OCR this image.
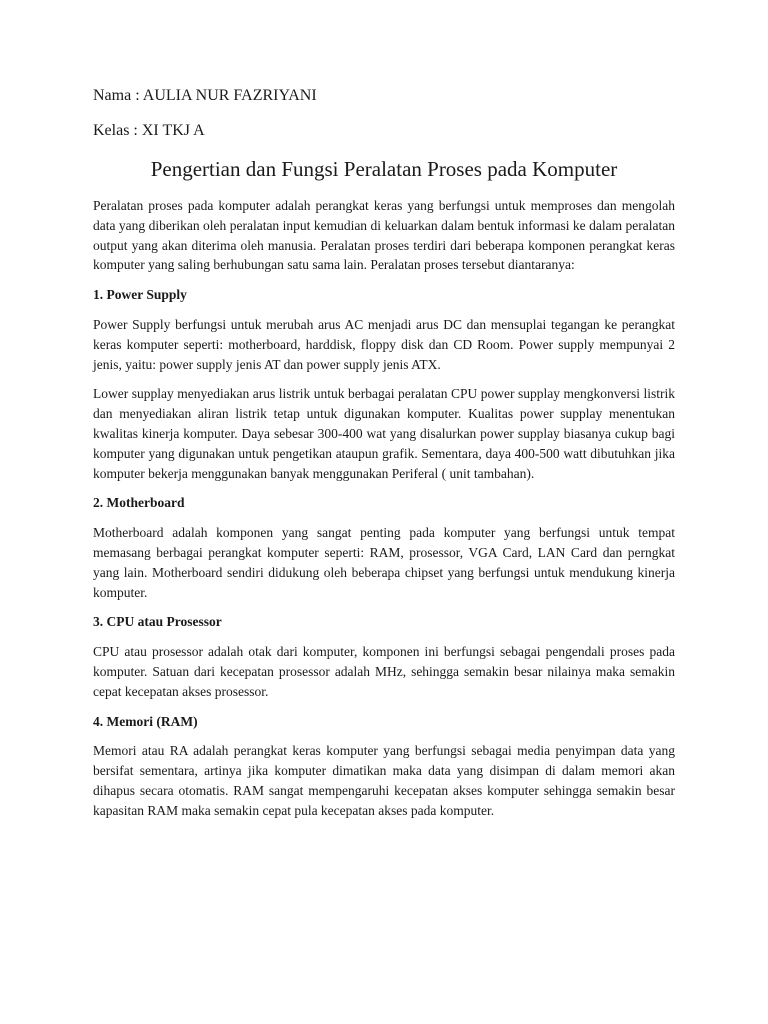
Nama : AULIA NUR FAZRIYANI

Kelas : XI TKJ A

Pengertian dan Fungsi Peralatan Proses pada Komputer

Peralatan proses pada komputer adalah perangkat keras yang berfungsi untuk memproses dan mengolah data yang diberikan oleh peralatan input kemudian di keluarkan dalam bentuk informasi ke dalam peralatan output yang akan diterima oleh manusia. Peralatan proses terdiri dari beberapa komponen perangkat keras komputer yang saling berhubungan satu sama lain. Peralatan proses tersebut diantaranya:

1. Power Supply

Power Supply berfungsi untuk merubah arus AC menjadi arus DC dan mensuplai tegangan ke perangkat keras komputer seperti: motherboard, harddisk, floppy disk dan CD Room. Power supply mempunyai 2 jenis, yaitu: power supply jenis AT dan power supply jenis ATX.

Lower supplay menyediakan arus listrik untuk berbagai peralatan CPU power supplay mengkonversi listrik dan menyediakan aliran listrik tetap untuk digunakan komputer. Kualitas power supplay menentukan kwalitas kinerja komputer. Daya sebesar 300-400 wat yang disalurkan power supplay biasanya cukup bagi komputer yang digunakan untuk pengetikan ataupun grafik. Sementara, daya 400-500 watt dibutuhkan jika komputer bekerja menggunakan banyak menggunakan Periferal ( unit tambahan).

2. Motherboard

Motherboard adalah komponen yang sangat penting pada komputer yang berfungsi untuk tempat memasang berbagai perangkat komputer seperti: RAM, prosessor, VGA Card, LAN Card dan perngkat yang lain. Motherboard sendiri didukung oleh beberapa chipset yang berfungsi untuk mendukung kinerja komputer.

3. CPU atau Prosessor

CPU atau prosessor adalah otak dari komputer, komponen ini berfungsi sebagai pengendali proses pada komputer. Satuan dari kecepatan prosessor adalah MHz, sehingga semakin besar nilainya maka semakin cepat kecepatan akses prosessor.

4. Memori (RAM)

Memori atau RA adalah perangkat keras komputer yang berfungsi sebagai media penyimpan data yang bersifat sementara, artinya jika komputer dimatikan maka data yang disimpan di dalam memori akan dihapus secara otomatis. RAM sangat mempengaruhi kecepatan akses komputer sehingga semakin besar kapasitan RAM maka semakin cepat pula kecepatan akses pada komputer.
